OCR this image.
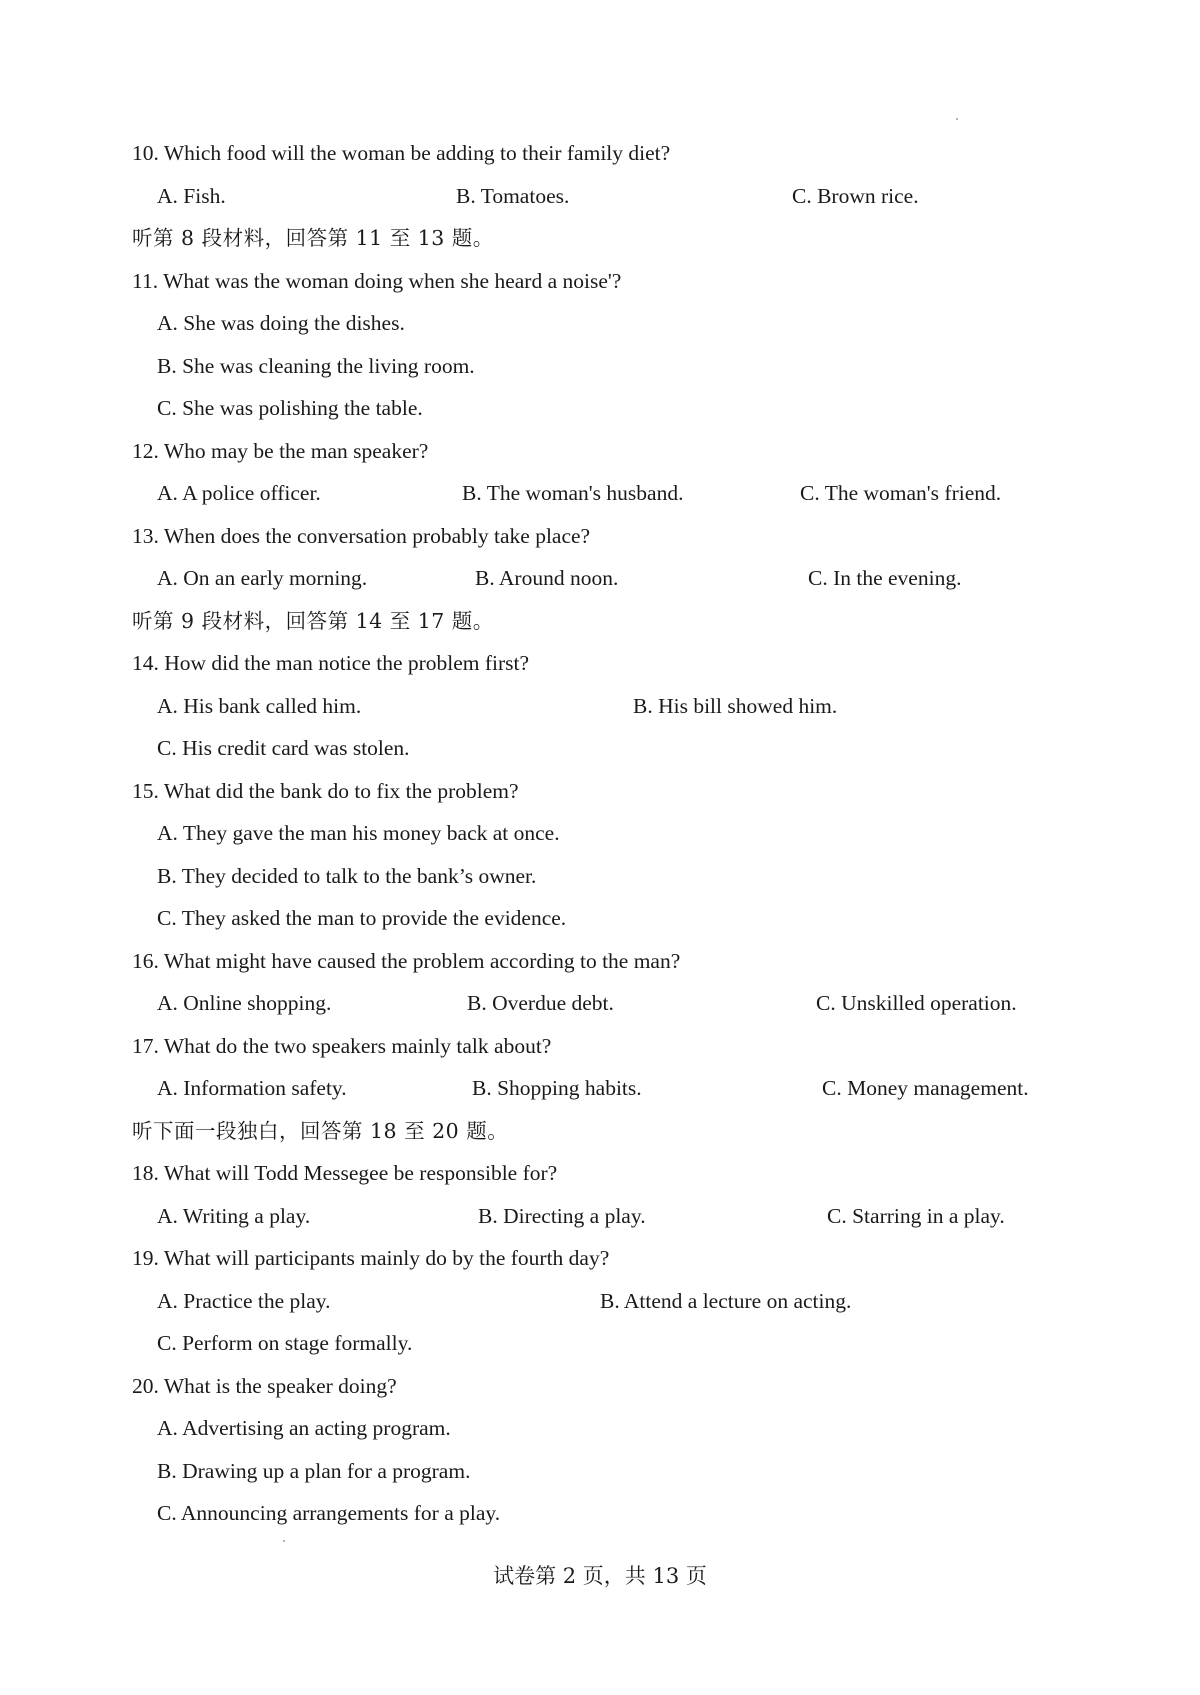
10. Which food will the woman be adding to their family diet?
A. Fish.	B. Tomatoes.	C. Brown rice.
听第 8 段材料，回答第 11 至 13 题。
11. What was the woman doing when she heard a noise'?
A. She was doing the dishes.
B. She was cleaning the living room.
C. She was polishing the table.
12. Who may be the man speaker?
A. A police officer.	B. The woman's husband.	C. The woman's friend.
13. When does the conversation probably take place?
A. On an early morning.	B. Around noon.	C. In the evening.
听第 9 段材料，回答第 14 至 17 题。
14. How did the man notice the problem first?
A. His bank called him.	B. His bill showed him.
C. His credit card was stolen.
15. What did the bank do to fix the problem?
A. They gave the man his money back at once.
B. They decided to talk to the bank’s owner.
C. They asked the man to provide the evidence.
16. What might have caused the problem according to the man?
A. Online shopping.	B. Overdue debt.	C. Unskilled operation.
17. What do the two speakers mainly talk about?
A. Information safety.	B. Shopping habits.	C. Money management.
听下面一段独白，回答第 18 至 20 题。
18. What will Todd Messegee be responsible for?
A. Writing a play.	B. Directing a play.	C. Starring in a play.
19. What will participants mainly do by the fourth day?
A. Practice the play.	B. Attend a lecture on acting.
C. Perform on stage formally.
20. What is the speaker doing?
A. Advertising an acting program.
B. Drawing up a plan for a program.
C. Announcing arrangements for a play.
试卷第 2 页，共 13 页
